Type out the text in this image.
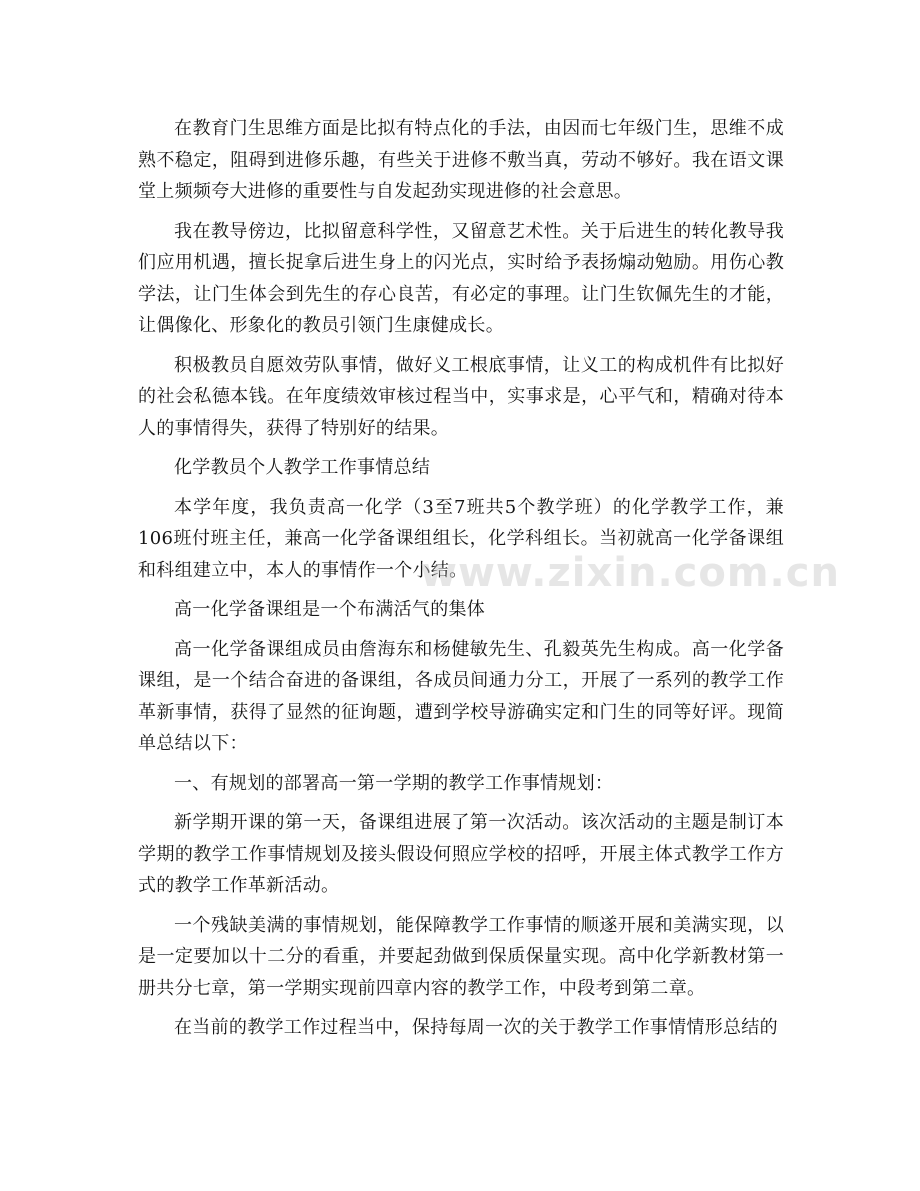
在教育门生思维方面是比拟有特点化的手法，由因而七年级门生，思维不成熟不稳定，阻碍到进修乐趣，有些关于进修不敷当真，劳动不够好。我在语文课堂上频频夸大进修的重要性与自发起劲实现进修的社会意思。

我在教导傍边，比拟留意科学性，又留意艺术性。关于后进生的转化教导我们应用机遇，擅长捉拿后进生身上的闪光点，实时给予表扬煽动勉励。用伤心教学法，让门生体会到先生的存心良苦，有必定的事理。让门生钦佩先生的才能，让偶像化、形象化的教员引领门生康健成长。

积极教员自愿效劳队事情，做好义工根底事情，让义工的构成机件有比拟好的社会私德本钱。在年度绩效审核过程当中，实事求是，心平气和，精确对待本人的事情得失，获得了特别好的结果。

化学教员个人教学工作事情总结

本学年度，我负责高一化学（3至7班共5个教学班）的化学教学工作，兼106班付班主任，兼高一化学备课组组长，化学科组长。当初就高一化学备课组和科组建立中，本人的事情作一个小结。

高一化学备课组是一个布满活气的集体

高一化学备课组成员由詹海东和杨健敏先生、孔毅英先生构成。高一化学备课组，是一个结合奋进的备课组，各成员间通力分工，开展了一系列的教学工作革新事情，获得了显然的征询题，遭到学校导游确实定和门生的同等好评。现简单总结以下：

一、有规划的部署高一第一学期的教学工作事情规划：

新学期开课的第一天，备课组进展了第一次活动。该次活动的主题是制订本学期的教学工作事情规划及接头假设何照应学校的招呼，开展主体式教学工作方式的教学工作革新活动。

一个残缺美满的事情规划，能保障教学工作事情的顺遂开展和美满实现，以是一定要加以十二分的看重，并要起劲做到保质保量实现。高中化学新教材第一册共分七章，第一学期实现前四章内容的教学工作，中段考到第二章。

在当前的教学工作过程当中，保持每周一次的关于教学工作事情情形总结的

www.zixin.com.cn
